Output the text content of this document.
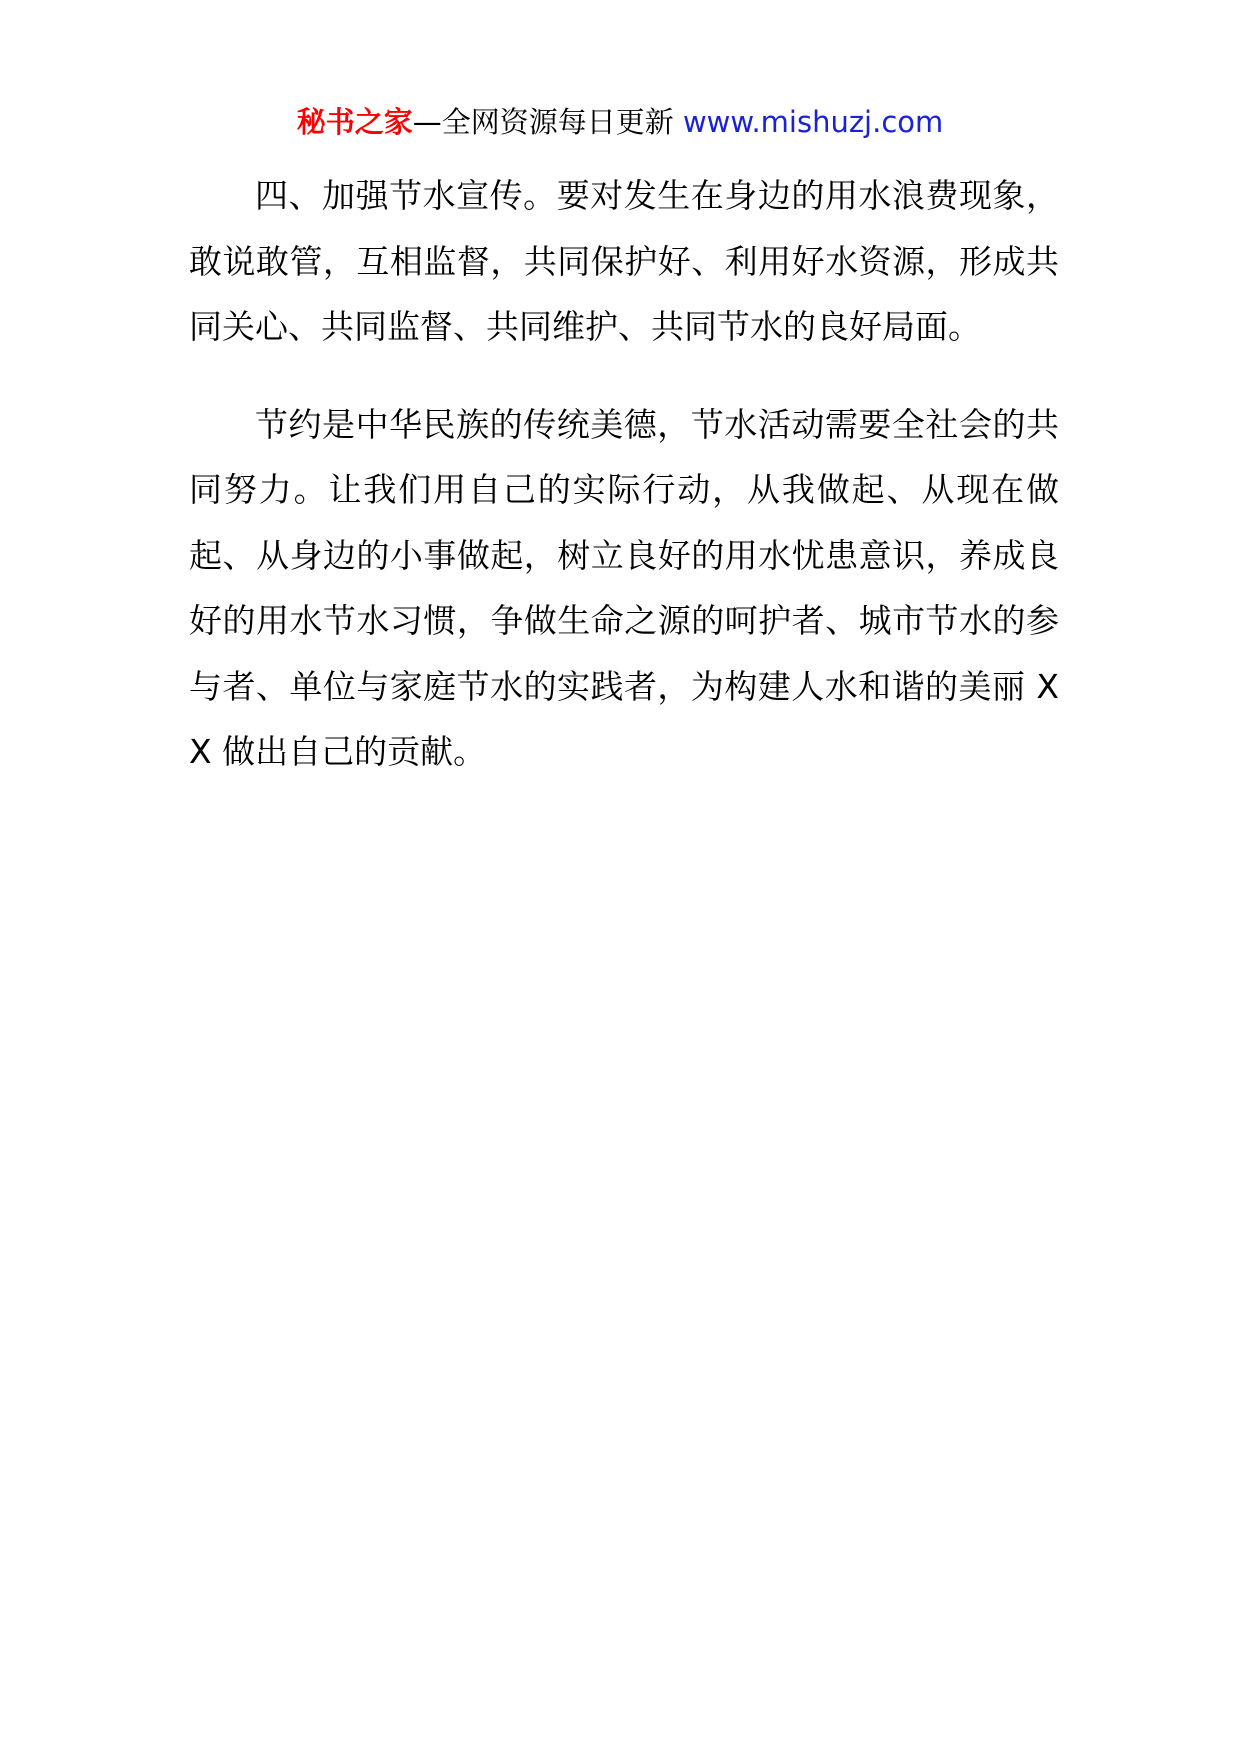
秘书之家—全网资源每日更新 www.mishuzj.com

四、加强节水宣传。要对发生在身边的用水浪费现象，敢说敢管，互相监督，共同保护好、利用好水资源，形成共同关心、共同监督、共同维护、共同节水的良好局面。

节约是中华民族的传统美德，节水活动需要全社会的共同努力。让我们用自己的实际行动，从我做起、从现在做起、从身边的小事做起，树立良好的用水忧患意识，养成良好的用水节水习惯，争做生命之源的呵护者、城市节水的参与者、单位与家庭节水的实践者，为构建人水和谐的美丽 XX 做出自己的贡献。
